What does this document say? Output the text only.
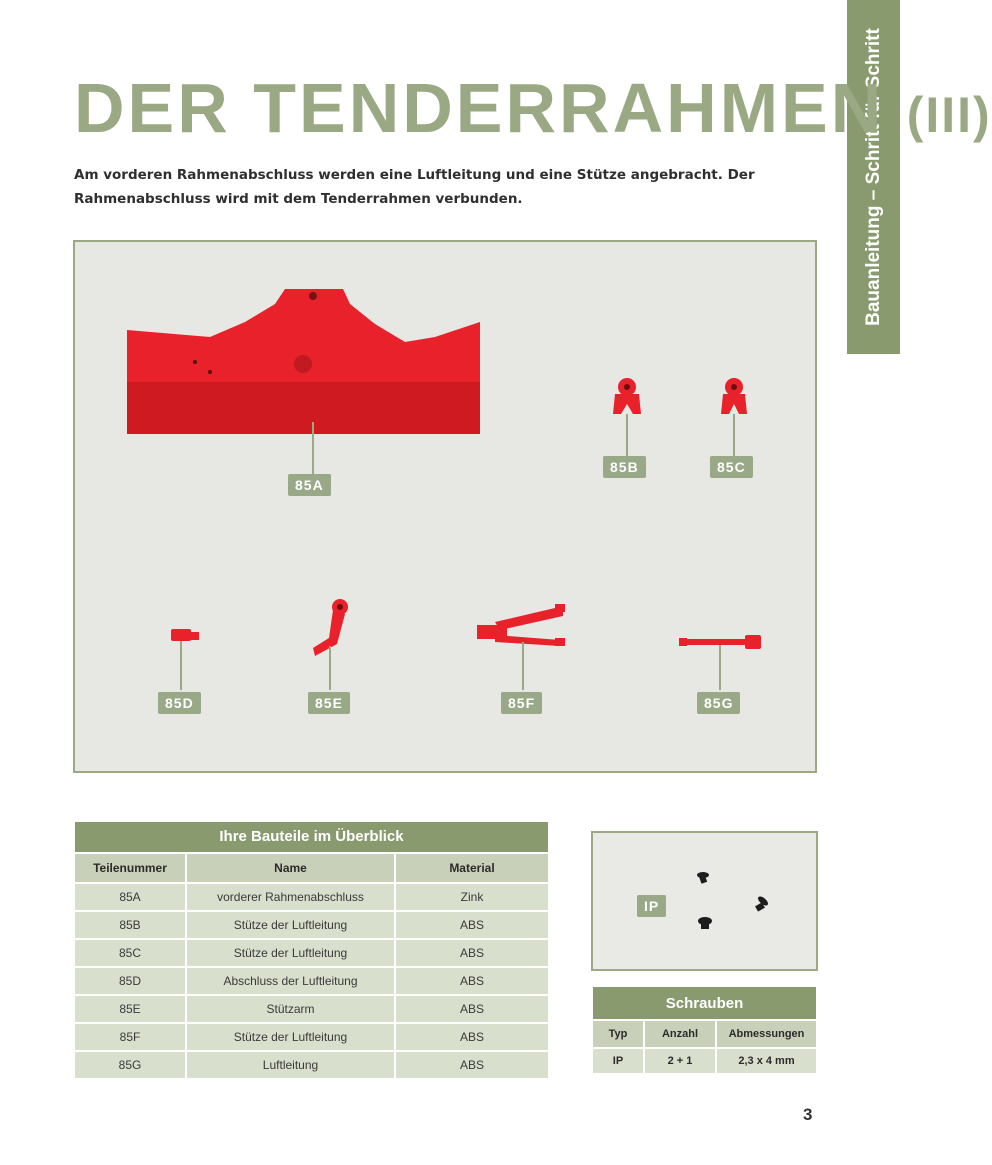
Bauanleitung – Schritt für Schritt
DER TENDERRAHMEN (III)

Am vorderen Rahmenabschluss werden eine Luftleitung und eine Stütze angebracht. Der Rahmenabschluss wird mit dem Tenderrahmen verbunden.

85A
85B	85C
85D	85E	85F	85G
Ihre Bauteile im Überblick		
Teilenummer	Name	Material
85A	vorderer Rahmenabschluss	Zink
85B	Stütze der Luftleitung	ABS
85C	Stütze der Luftleitung	ABS
85D	Abschluss der Luftleitung	ABS
85E	Stützarm	ABS
85F	Stütze der Luftleitung	ABS
85G	Luftleitung	ABS
IP
Schrauben		
Typ	Anzahl	Abmessungen
IP	2 + 1	2,3 x 4 mm
3
